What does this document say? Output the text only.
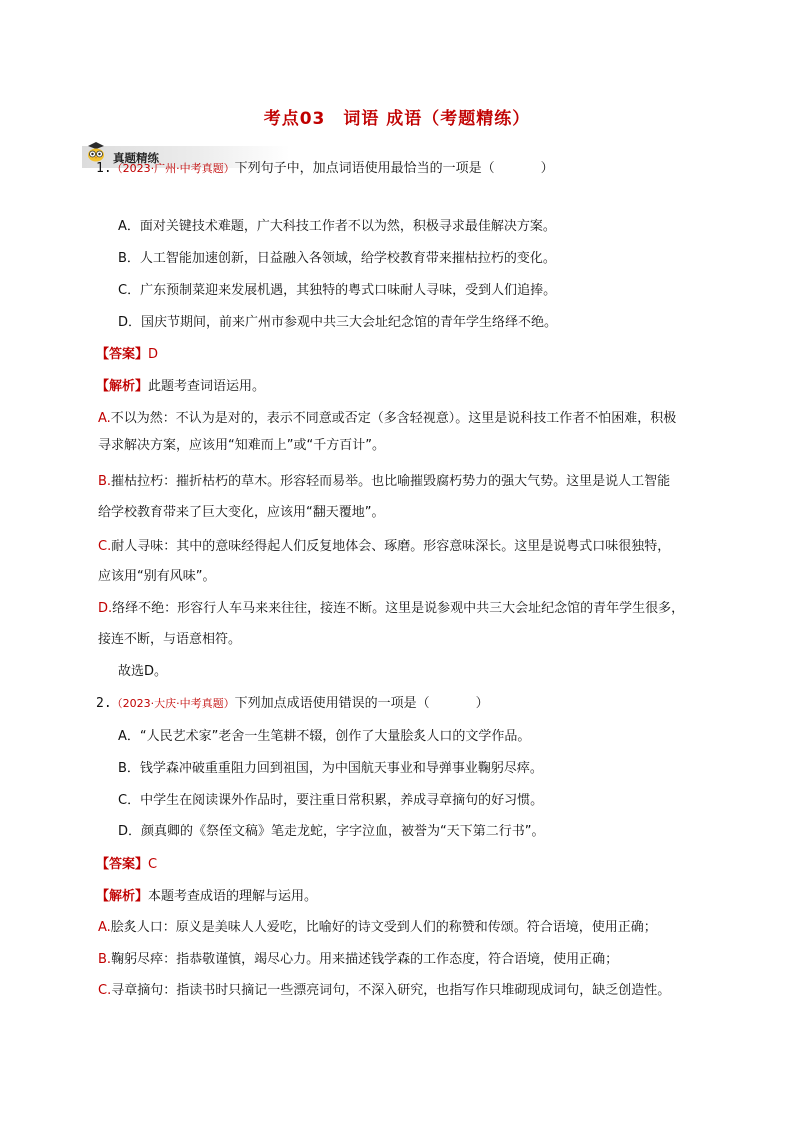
考点03 词语 成语（考题精练）
真题精练
1.（2023·广州·中考真题）下列句子中，加点词语使用最恰当的一项是（	）
A．面对关键技术难题，广大科技工作者不以为然，积极寻求最佳解决方案。
B．人工智能加速创新，日益融入各领域，给学校教育带来摧枯拉朽的变化。
C．广东预制菜迎来发展机遇，其独特的粤式口味耐人寻味，受到人们追捧。
D．国庆节期间，前来广州市参观中共三大会址纪念馆的青年学生络绎不绝。
【答案】D
【解析】此题考查词语运用。
A.不以为然：不认为是对的，表示不同意或否定（多含轻视意）。这里是说科技工作者不怕困难，积极
寻求解决方案，应该用“知难而上”或“千方百计”。
B.摧枯拉朽：摧折枯朽的草木。形容轻而易举。也比喻摧毁腐朽势力的强大气势。这里是说人工智能
给学校教育带来了巨大变化，应该用“翻天覆地”。
C.耐人寻味：其中的意味经得起人们反复地体会、琢磨。形容意味深长。这里是说粤式口味很独特，
应该用“别有风味”。
D.络绎不绝：形容行人车马来来往往，接连不断。这里是说参观中共三大会址纪念馆的青年学生很多，
接连不断，与语意相符。
故选D。
2.（2023·大庆·中考真题）下列加点成语使用错误的一项是（	）
A．“人民艺术家”老舍一生笔耕不辍，创作了大量脍炙人口的文学作品。
B．钱学森冲破重重阻力回到祖国，为中国航天事业和导弹事业鞠躬尽瘁。
C．中学生在阅读课外作品时，要注重日常积累，养成寻章摘句的好习惯。
D．颜真卿的《祭侄文稿》笔走龙蛇，字字泣血，被誉为“天下第二行书”。
【答案】C
【解析】本题考查成语的理解与运用。
A.脍炙人口：原义是美味人人爱吃，比喻好的诗文受到人们的称赞和传颂。符合语境，使用正确；
B.鞠躬尽瘁：指恭敬谨慎，竭尽心力。用来描述钱学森的工作态度，符合语境，使用正确；
C.寻章摘句：指读书时只摘记一些漂亮词句，不深入研究，也指写作只堆砌现成词句，缺乏创造性。
